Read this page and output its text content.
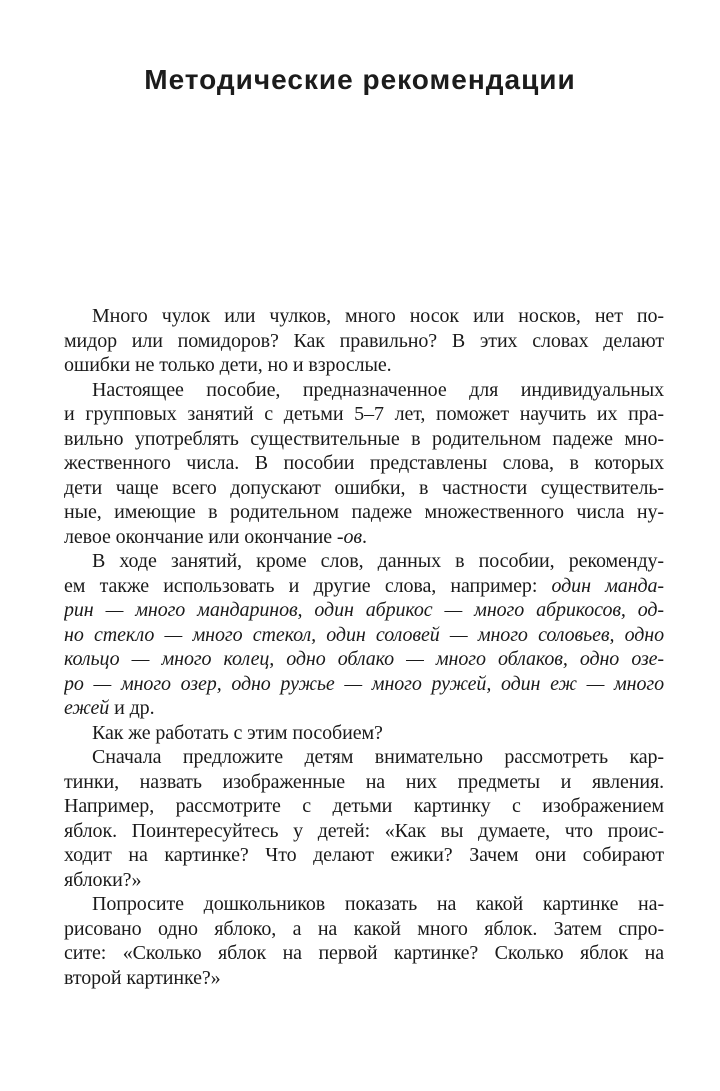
Методические рекомендации
Много чулок или чулков, много носок или носков, нет по-
мидор или помидоров? Как правильно? В этих словах делают
ошибки не только дети, но и взрослые.
Настоящее пособие, предназначенное для индивидуальных
и групповых занятий с детьми 5–7 лет, поможет научить их пра-
вильно употреблять существительные в родительном падеже мно-
жественного числа. В пособии представлены слова, в которых
дети чаще всего допускают ошибки, в частности существитель-
ные, имеющие в родительном падеже множественного числа ну-
левое окончание или окончание -ов.
В ходе занятий, кроме слов, данных в пособии, рекоменду-
ем также использовать и другие слова, например: один манда-
рин — много мандаринов, один абрикос — много абрикосов, од-
но стекло — много стекол, один соловей — много соловьев, одно
кольцо — много колец, одно облако — много облаков, одно озе-
ро — много озер, одно ружье — много ружей, один еж — много
ежей и др.
Как же работать с этим пособием?
Сначала предложите детям внимательно рассмотреть кар-
тинки, назвать изображенные на них предметы и явления.
Например, рассмотрите с детьми картинку с изображением
яблок. Поинтересуйтесь у детей: «Как вы думаете, что проис-
ходит на картинке? Что делают ежики? Зачем они собирают
яблоки?»
Попросите дошкольников показать на какой картинке на-
рисовано одно яблоко, а на какой много яблок. Затем спро-
сите: «Сколько яблок на первой картинке? Сколько яблок на
второй картинке?»
